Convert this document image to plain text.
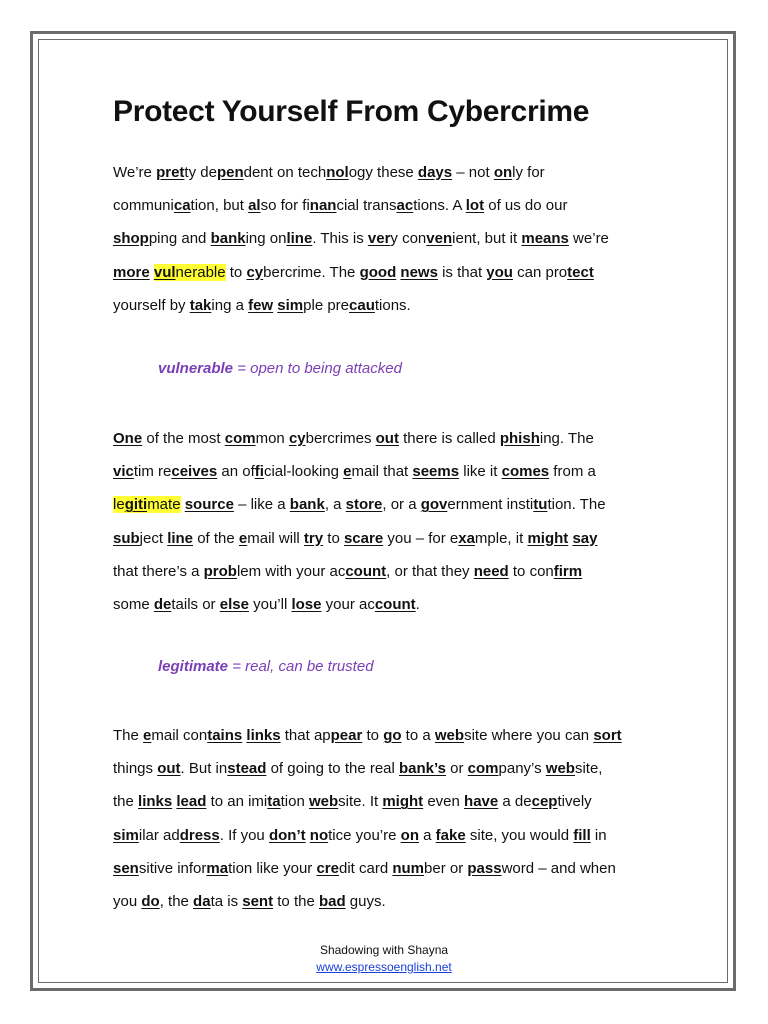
Protect Yourself From Cybercrime
We’re pretty dependent on technology these days – not only for
communication, but also for financial transactions. A lot of us do our
shopping and banking online. This is very convenient, but it means we’re
more vulnerable to cybercrime. The good news is that you can protect
yourself by taking a few simple precautions.
vulnerable = open to being attacked
One of the most common cybercrimes out there is called phishing. The
victim receives an official-looking email that seems like it comes from a
legitimate source – like a bank, a store, or a government institution. The
subject line of the email will try to scare you – for example, it might say
that there’s a problem with your account, or that they need to confirm
some details or else you’ll lose your account.
legitimate = real, can be trusted
The email contains links that appear to go to a website where you can sort
things out. But instead of going to the real bank’s or company’s website,
the links lead to an imitation website. It might even have a deceptively
similar address. If you don’t notice you’re on a fake site, you would fill in
sensitive information like your credit card number or password – and when
you do, the data is sent to the bad guys.
Shadowing with Shayna
www.espressoenglish.net
